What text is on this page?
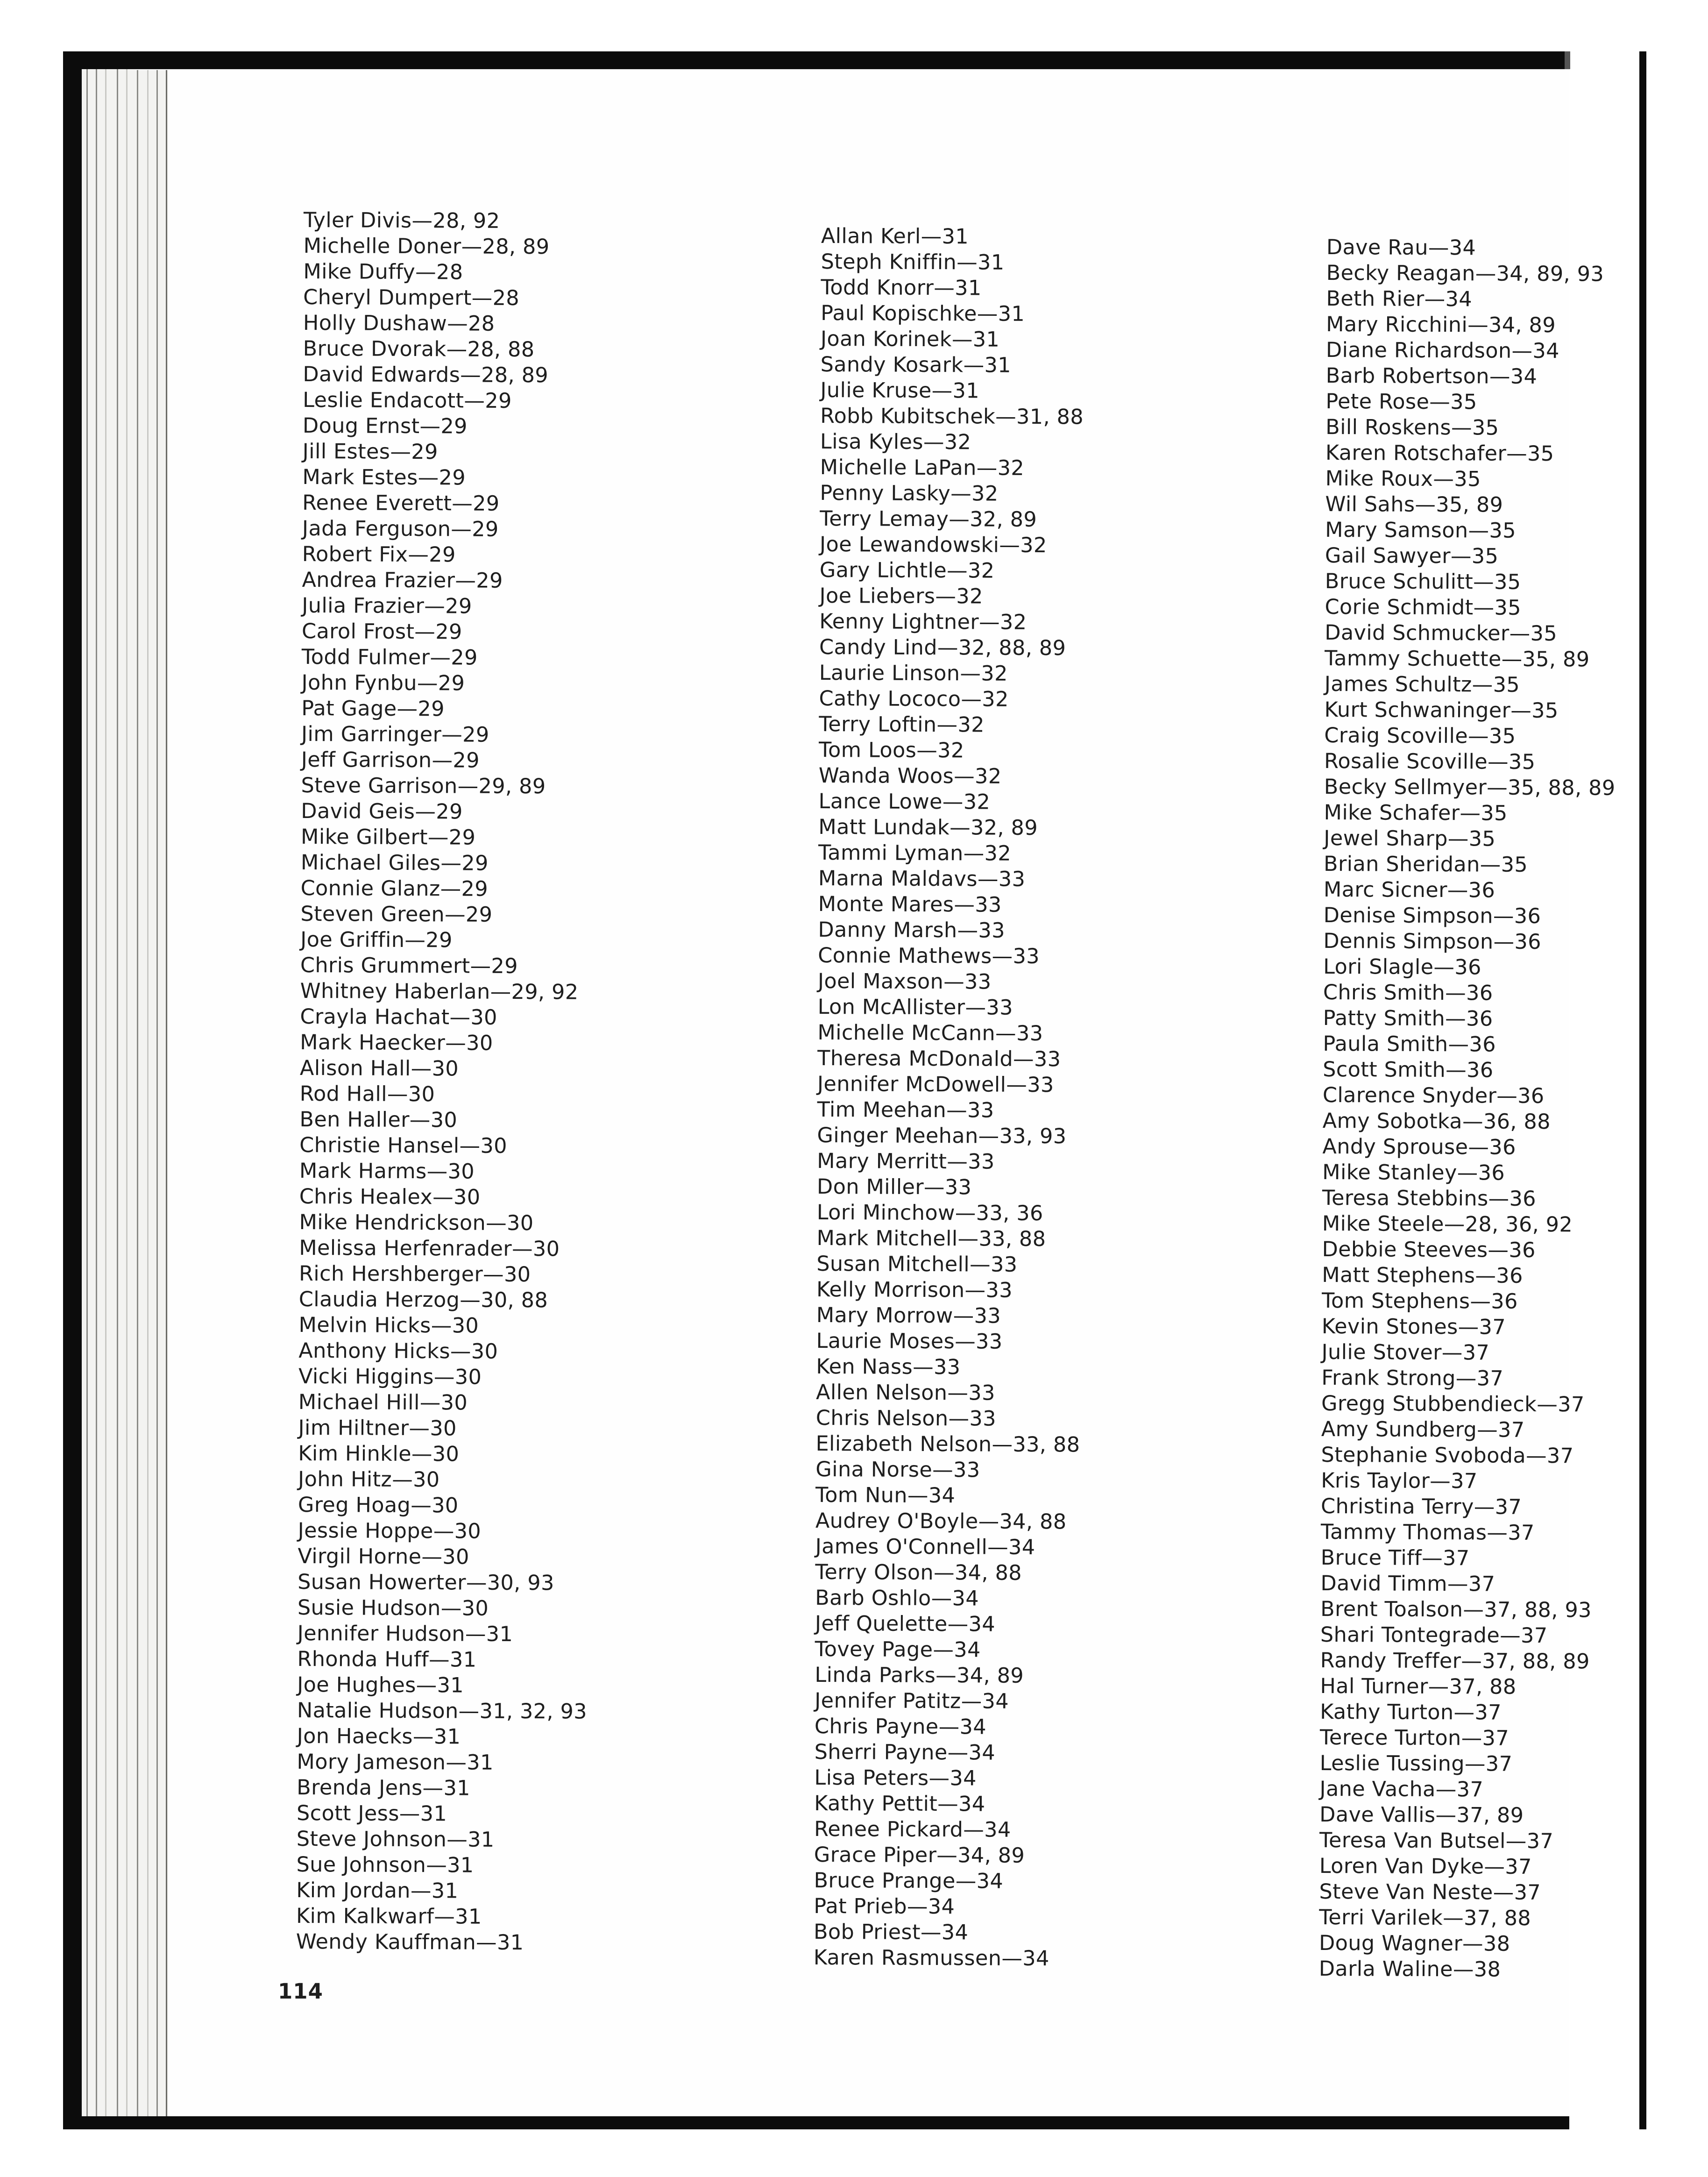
Tyler Divis—28, 92
Michelle Doner—28, 89
Mike Duffy—28
Cheryl Dumpert—28
Holly Dushaw—28
Bruce Dvorak—28, 88
David Edwards—28, 89
Leslie Endacott—29
Doug Ernst—29
Jill Estes—29
Mark Estes—29
Renee Everett—29
Jada Ferguson—29
Robert Fix—29
Andrea Frazier—29
Julia Frazier—29
Carol Frost—29
Todd Fulmer—29
John Fynbu—29
Pat Gage—29
Jim Garringer—29
Jeff Garrison—29
Steve Garrison—29, 89
David Geis—29
Mike Gilbert—29
Michael Giles—29
Connie Glanz—29
Steven Green—29
Joe Griffin—29
Chris Grummert—29
Whitney Haberlan—29, 92
Crayla Hachat—30
Mark Haecker—30
Alison Hall—30
Rod Hall—30
Ben Haller—30
Christie Hansel—30
Mark Harms—30
Chris Healex—30
Mike Hendrickson—30
Melissa Herfenrader—30
Rich Hershberger—30
Claudia Herzog—30, 88
Melvin Hicks—30
Anthony Hicks—30
Vicki Higgins—30
Michael Hill—30
Jim Hiltner—30
Kim Hinkle—30
John Hitz—30
Greg Hoag—30
Jessie Hoppe—30
Virgil Horne—30
Susan Howerter—30, 93
Susie Hudson—30
Jennifer Hudson—31
Rhonda Huff—31
Joe Hughes—31
Natalie Hudson—31, 32, 93
Jon Haecks—31
Mory Jameson—31
Brenda Jens—31
Scott Jess—31
Steve Johnson—31
Sue Johnson—31
Kim Jordan—31
Kim Kalkwarf—31
Wendy Kauffman—31
Allan Kerl—31
Steph Kniffin—31
Todd Knorr—31
Paul Kopischke—31
Joan Korinek—31
Sandy Kosark—31
Julie Kruse—31
Robb Kubitschek—31, 88
Lisa Kyles—32
Michelle LaPan—32
Penny Lasky—32
Terry Lemay—32, 89
Joe Lewandowski—32
Gary Lichtle—32
Joe Liebers—32
Kenny Lightner—32
Candy Lind—32, 88, 89
Laurie Linson—32
Cathy Lococo—32
Terry Loftin—32
Tom Loos—32
Wanda Woos—32
Lance Lowe—32
Matt Lundak—32, 89
Tammi Lyman—32
Marna Maldavs—33
Monte Mares—33
Danny Marsh—33
Connie Mathews—33
Joel Maxson—33
Lon McAllister—33
Michelle McCann—33
Theresa McDonald—33
Jennifer McDowell—33
Tim Meehan—33
Ginger Meehan—33, 93
Mary Merritt—33
Don Miller—33
Lori Minchow—33, 36
Mark Mitchell—33, 88
Susan Mitchell—33
Kelly Morrison—33
Mary Morrow—33
Laurie Moses—33
Ken Nass—33
Allen Nelson—33
Chris Nelson—33
Elizabeth Nelson—33, 88
Gina Norse—33
Tom Nun—34
Audrey O'Boyle—34, 88
James O'Connell—34
Terry Olson—34, 88
Barb Oshlo—34
Jeff Quelette—34
Tovey Page—34
Linda Parks—34, 89
Jennifer Patitz—34
Chris Payne—34
Sherri Payne—34
Lisa Peters—34
Kathy Pettit—34
Renee Pickard—34
Grace Piper—34, 89
Bruce Prange—34
Pat Prieb—34
Bob Priest—34
Karen Rasmussen—34
Dave Rau—34
Becky Reagan—34, 89, 93
Beth Rier—34
Mary Ricchini—34, 89
Diane Richardson—34
Barb Robertson—34
Pete Rose—35
Bill Roskens—35
Karen Rotschafer—35
Mike Roux—35
Wil Sahs—35, 89
Mary Samson—35
Gail Sawyer—35
Bruce Schulitt—35
Corie Schmidt—35
David Schmucker—35
Tammy Schuette—35, 89
James Schultz—35
Kurt Schwaninger—35
Craig Scoville—35
Rosalie Scoville—35
Becky Sellmyer—35, 88, 89
Mike Schafer—35
Jewel Sharp—35
Brian Sheridan—35
Marc Sicner—36
Denise Simpson—36
Dennis Simpson—36
Lori Slagle—36
Chris Smith—36
Patty Smith—36
Paula Smith—36
Scott Smith—36
Clarence Snyder—36
Amy Sobotka—36, 88
Andy Sprouse—36
Mike Stanley—36
Teresa Stebbins—36
Mike Steele—28, 36, 92
Debbie Steeves—36
Matt Stephens—36
Tom Stephens—36
Kevin Stones—37
Julie Stover—37
Frank Strong—37
Gregg Stubbendieck—37
Amy Sundberg—37
Stephanie Svoboda—37
Kris Taylor—37
Christina Terry—37
Tammy Thomas—37
Bruce Tiff—37
David Timm—37
Brent Toalson—37, 88, 93
Shari Tontegrade—37
Randy Treffer—37, 88, 89
Hal Turner—37, 88
Kathy Turton—37
Terece Turton—37
Leslie Tussing—37
Jane Vacha—37
Dave Vallis—37, 89
Teresa Van Butsel—37
Loren Van Dyke—37
Steve Van Neste—37
Terri Varilek—37, 88
Doug Wagner—38
Darla Waline—38
114
